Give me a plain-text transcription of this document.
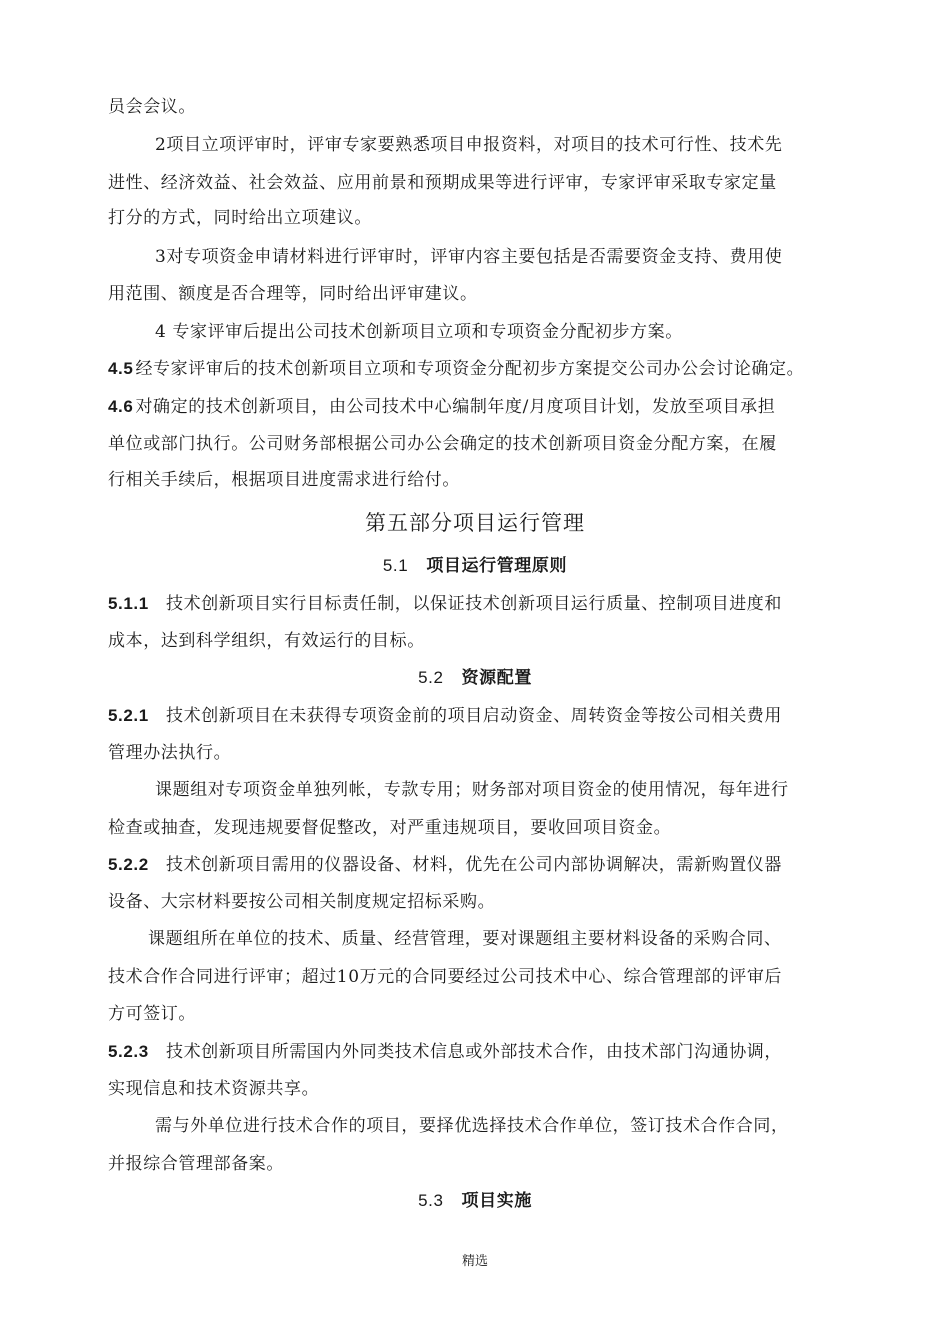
员会会议。

2项目立项评审时，评审专家要熟悉项目申报资料，对项目的技术可行性、技术先

进性、经济效益、社会效益、应用前景和预期成果等进行评审，专家评审采取专家定量

打分的方式，同时给出立项建议。

3对专项资金申请材料进行评审时，评审内容主要包括是否需要资金支持、费用使

用范围、额度是否合理等，同时给出评审建议。

4 专家评审后提出公司技术创新项目立项和专项资金分配初步方案。

4.5 经专家评审后的技术创新项目立项和专项资金分配初步方案提交公司办公会讨论确定。

4.6 对确定的技术创新项目，由公司技术中心编制年度/月度项目计划，发放至项目承担

单位或部门执行。公司财务部根据公司办公会确定的技术创新项目资金分配方案，在履

行相关手续后，根据项目进度需求进行给付。

第五部分项目运行管理
5.1 项目运行管理原则

5.1.1 技术创新项目实行目标责任制，以保证技术创新项目运行质量、控制项目进度和

成本，达到科学组织，有效运行的目标。

5.2 资源配置

5.2.1 技术创新项目在未获得专项资金前的项目启动资金、周转资金等按公司相关费用

管理办法执行。

课题组对专项资金单独列帐，专款专用；财务部对项目资金的使用情况，每年进行

检查或抽查，发现违规要督促整改，对严重违规项目，要收回项目资金。

5.2.2 技术创新项目需用的仪器设备、材料，优先在公司内部协调解决，需新购置仪器

设备、大宗材料要按公司相关制度规定招标采购。

课题组所在单位的技术、质量、经营管理，要对课题组主要材料设备的采购合同、

技术合作合同进行评审；超过10万元的合同要经过公司技术中心、综合管理部的评审后

方可签订。

5.2.3 技术创新项目所需国内外同类技术信息或外部技术合作，由技术部门沟通协调，

实现信息和技术资源共享。

需与外单位进行技术合作的项目，要择优选择技术合作单位，签订技术合作合同，

并报综合管理部备案。

5.3 项目实施

精选
